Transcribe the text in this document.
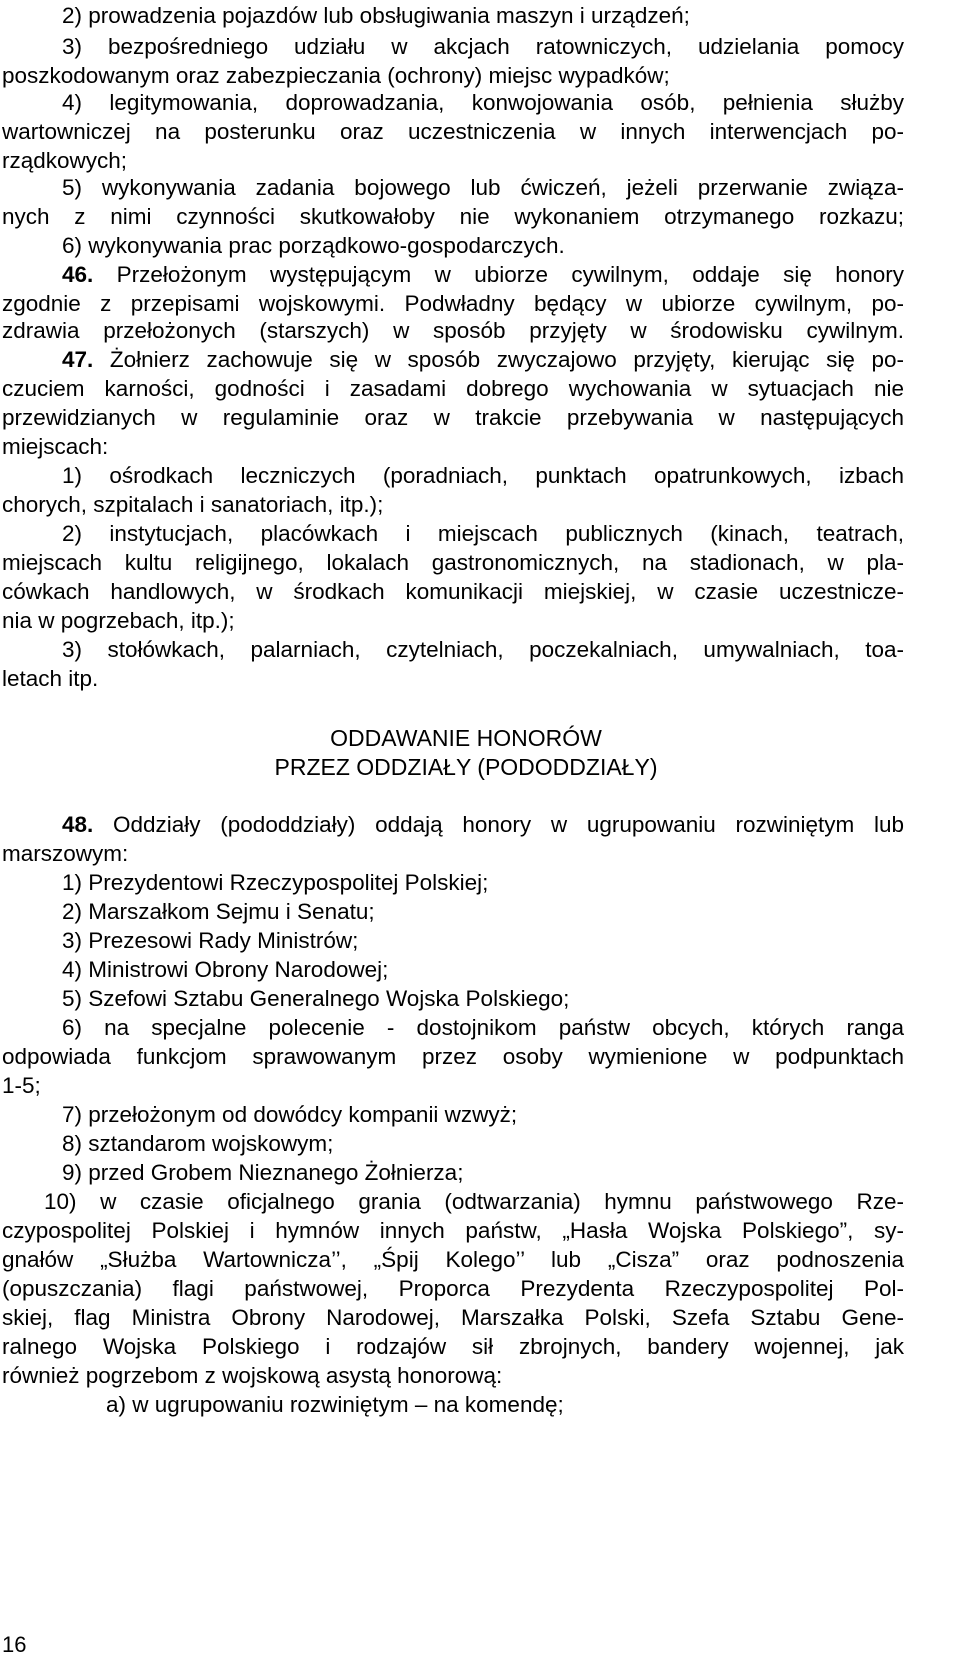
2) prowadzenia pojazdów lub obsługiwania maszyn i urządzeń;
3) bezpośredniego udziału w akcjach ratowniczych, udzielania pomocy
poszkodowanym oraz zabezpieczania (ochrony) miejsc wypadków;
4) legitymowania, doprowadzania, konwojowania osób, pełnienia służby
wartowniczej na posterunku oraz uczestniczenia w innych interwencjach po-
rządkowych;
5) wykonywania zadania bojowego lub ćwiczeń, jeżeli przerwanie związa-
nych z nimi czynności skutkowałoby nie wykonaniem otrzymanego rozkazu;
6) wykonywania prac porządkowo-gospodarczych.
46. Przełożonym występującym w ubiorze cywilnym, oddaje się honory
zgodnie z przepisami wojskowymi. Podwładny będący w ubiorze cywilnym, po-
zdrawia przełożonych (starszych) w sposób przyjęty w środowisku cywilnym.
47. Żołnierz zachowuje się w sposób zwyczajowo przyjęty, kierując się po-
czuciem karności, godności i zasadami dobrego wychowania w sytuacjach nie
przewidzianych w regulaminie oraz w trakcie przebywania w następujących
miejscach:
1) ośrodkach leczniczych (poradniach, punktach opatrunkowych, izbach
chorych, szpitalach i sanatoriach, itp.);
2) instytucjach, placówkach i miejscach publicznych (kinach, teatrach,
miejscach kultu religijnego, lokalach gastronomicznych, na stadionach, w pla-
cówkach handlowych, w środkach komunikacji miejskiej, w czasie uczestnicze-
nia w pogrzebach, itp.);
3) stołówkach, palarniach, czytelniach, poczekalniach, umywalniach, toa-
letach itp.
ODDAWANIE HONORÓW
PRZEZ ODDZIAŁY (PODODDZIAŁY)
48. Oddziały (pododdziały) oddają honory w ugrupowaniu rozwiniętym lub
marszowym:
1) Prezydentowi Rzeczypospolitej Polskiej;
2) Marszałkom Sejmu i Senatu;
3) Prezesowi Rady Ministrów;
4) Ministrowi Obrony Narodowej;
5) Szefowi Sztabu Generalnego Wojska Polskiego;
6) na specjalne polecenie - dostojnikom państw obcych, których ranga
odpowiada funkcjom sprawowanym przez osoby wymienione w podpunktach
1-5;
7) przełożonym od dowódcy kompanii wzwyż;
8) sztandarom wojskowym;
9) przed Grobem Nieznanego Żołnierza;
10) w czasie oficjalnego grania (odtwarzania) hymnu państwowego Rze-
czypospolitej Polskiej i hymnów innych państw, „Hasła Wojska Polskiego”, sy-
gnałów „Służba Wartownicza’’, „Śpij Kolego’’ lub „Cisza” oraz podnoszenia
(opuszczania) flagi państwowej, Proporca Prezydenta Rzeczypospolitej Pol-
skiej, flag Ministra Obrony Narodowej, Marszałka Polski, Szefa Sztabu Gene-
ralnego Wojska Polskiego i rodzajów sił zbrojnych, bandery wojennej, jak
również pogrzebom z wojskową asystą honorową:
a) w ugrupowaniu rozwiniętym – na komendę;
16
